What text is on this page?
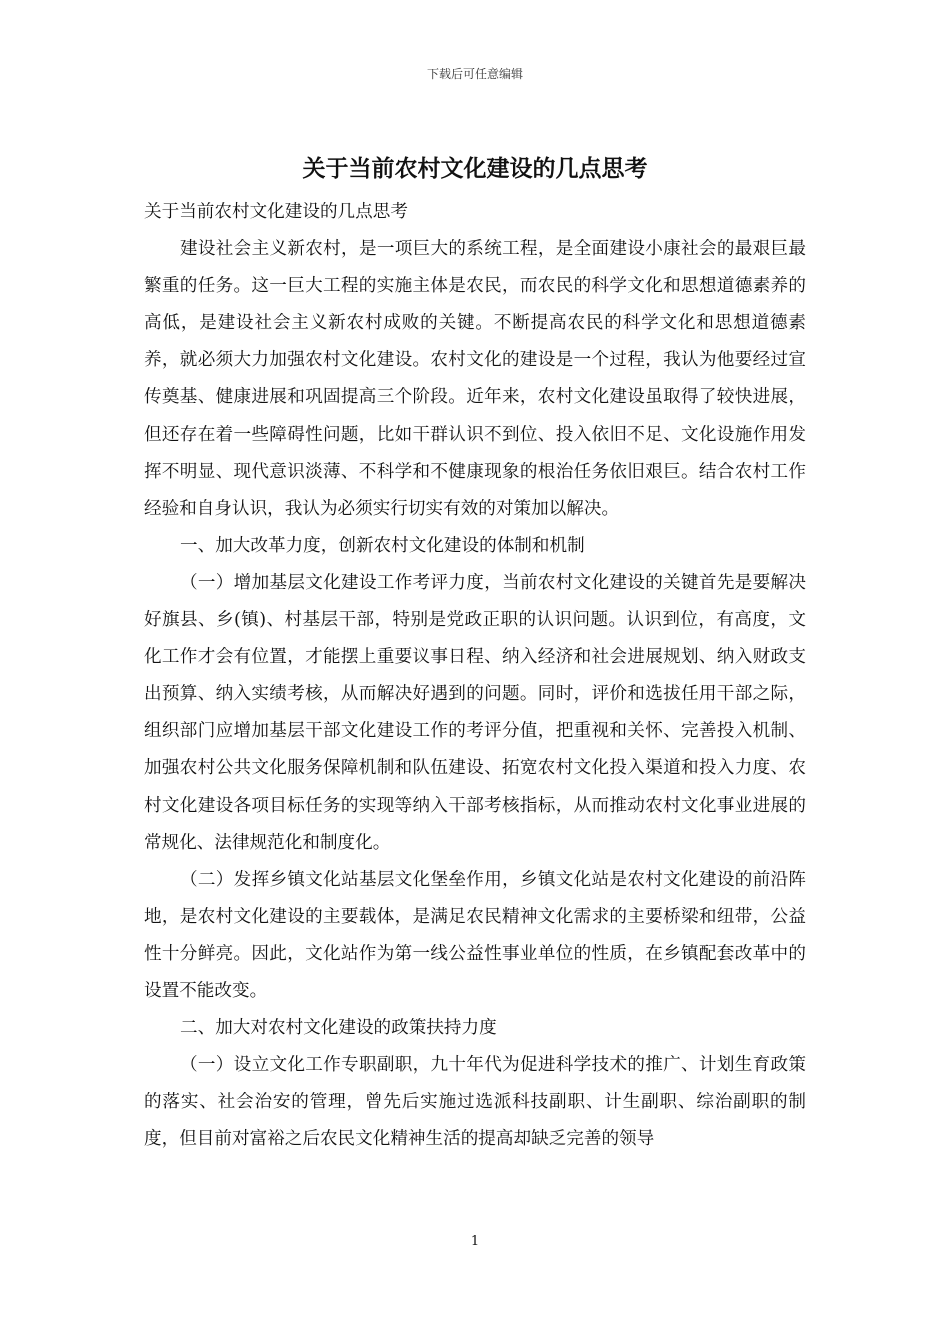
下载后可任意编辑
关于当前农村文化建设的几点思考

关于当前农村文化建设的几点思考

建设社会主义新农村，是一项巨大的系统工程，是全面建设小康社会的最艰巨最繁重的任务。这一巨大工程的实施主体是农民，而农民的科学文化和思想道德素养的高低，是建设社会主义新农村成败的关键。不断提高农民的科学文化和思想道德素养，就必须大力加强农村文化建设。农村文化的建设是一个过程，我认为他要经过宣传奠基、健康进展和巩固提高三个阶段。近年来，农村文化建设虽取得了较快进展，但还存在着一些障碍性问题，比如干群认识不到位、投入依旧不足、文化设施作用发挥不明显、现代意识淡薄、不科学和不健康现象的根治任务依旧艰巨。结合农村工作经验和自身认识，我认为必须实行切实有效的对策加以解决。

一、加大改革力度，创新农村文化建设的体制和机制

（一）增加基层文化建设工作考评力度，当前农村文化建设的关键首先是要解决好旗县、乡(镇)、村基层干部，特别是党政正职的认识问题。认识到位，有高度，文化工作才会有位置，才能摆上重要议事日程、纳入经济和社会进展规划、纳入财政支出预算、纳入实绩考核，从而解决好遇到的问题。同时，评价和选拔任用干部之际，组织部门应增加基层干部文化建设工作的考评分值，把重视和关怀、完善投入机制、加强农村公共文化服务保障机制和队伍建设、拓宽农村文化投入渠道和投入力度、农村文化建设各项目标任务的实现等纳入干部考核指标，从而推动农村文化事业进展的常规化、法律规范化和制度化。

（二）发挥乡镇文化站基层文化堡垒作用，乡镇文化站是农村文化建设的前沿阵地，是农村文化建设的主要载体，是满足农民精神文化需求的主要桥梁和纽带，公益性十分鲜亮。因此，文化站作为第一线公益性事业单位的性质，在乡镇配套改革中的设置不能改变。

二、加大对农村文化建设的政策扶持力度

（一）设立文化工作专职副职，九十年代为促进科学技术的推广、计划生育政策的落实、社会治安的管理，曾先后实施过选派科技副职、计生副职、综治副职的制度，但目前对富裕之后农民文化精神生活的提高却缺乏完善的领导

1
